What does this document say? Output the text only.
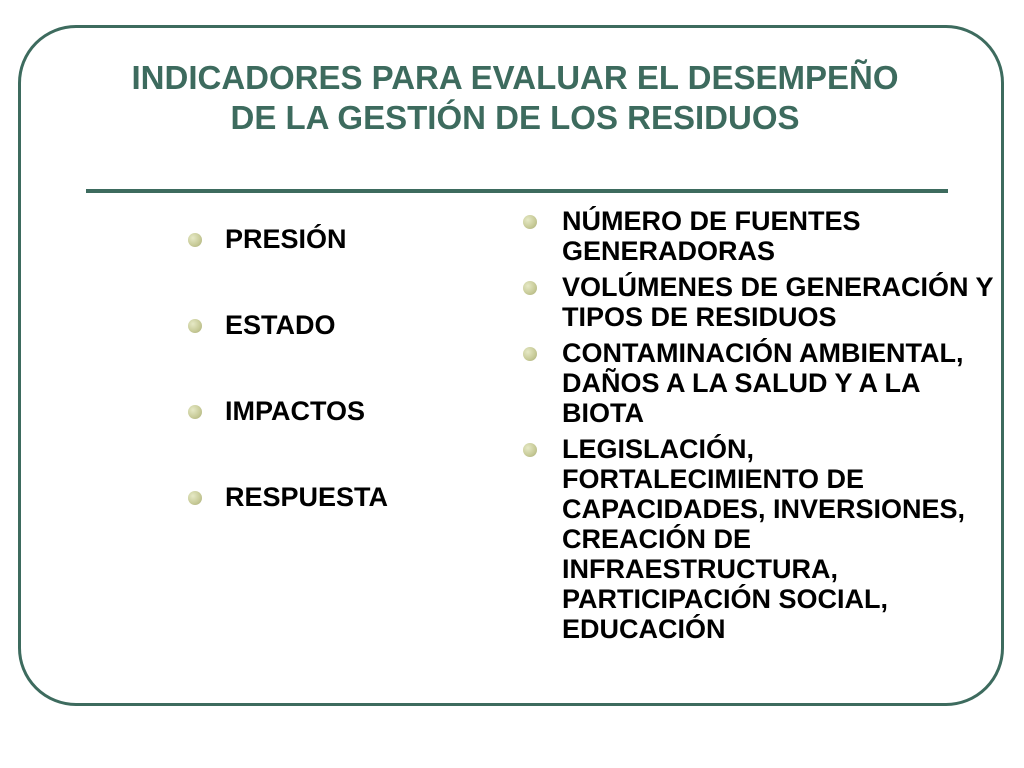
INDICADORES PARA EVALUAR EL DESEMPEÑO DE LA GESTIÓN DE LOS RESIDUOS
PRESIÓN
ESTADO
IMPACTOS
RESPUESTA
NÚMERO DE FUENTES GENERADORAS
VOLÚMENES DE GENERACIÓN Y TIPOS DE RESIDUOS
CONTAMINACIÓN AMBIENTAL, DAÑOS A LA SALUD Y A LA BIOTA
LEGISLACIÓN, FORTALECIMIENTO DE CAPACIDADES, INVERSIONES, CREACIÓN DE INFRAESTRUCTURA, PARTICIPACIÓN SOCIAL, EDUCACIÓN
